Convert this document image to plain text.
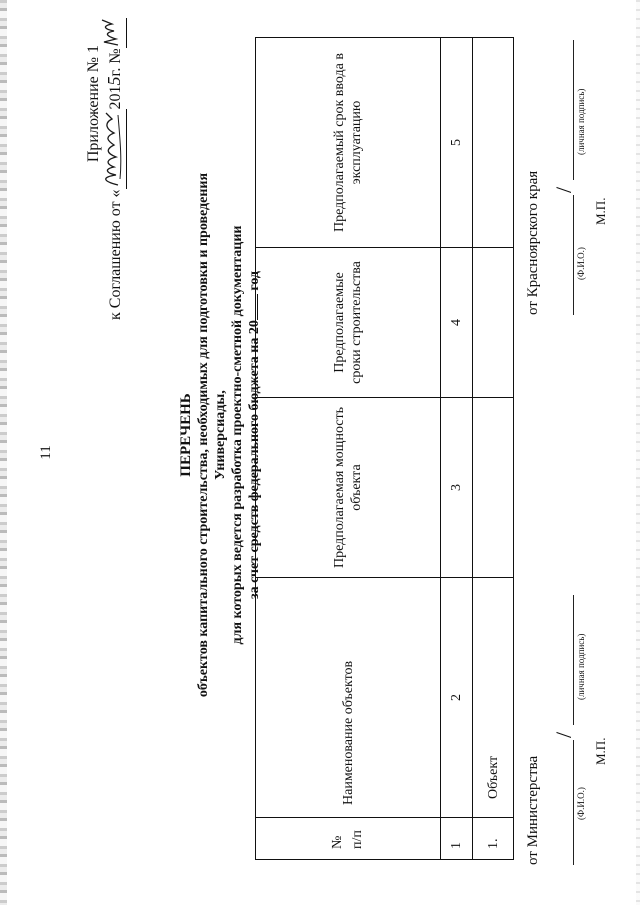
11
Приложение № 1
к Соглашению от «
2015г. №
ПЕРЕЧЕНЬ объектов капитального строительства, необходимых для подготовки и проведения Универсиады, для которых ведется разработка проектно-сметной документации за счет средств федерального бюджета на 20 год
№ п/п	Наименование объектов	Предполагаемая мощность объекта	Предполагаемые сроки строительства	Предполагаемый срок ввода в эксплуатацию
1	2	3	4	5
1.	Объект			от Министерства
/
(Ф.И.О.)
(личная подпись)
М.П.
от Красноярского края /
(Ф.И.О.)
(личная подпись)
М.П.
